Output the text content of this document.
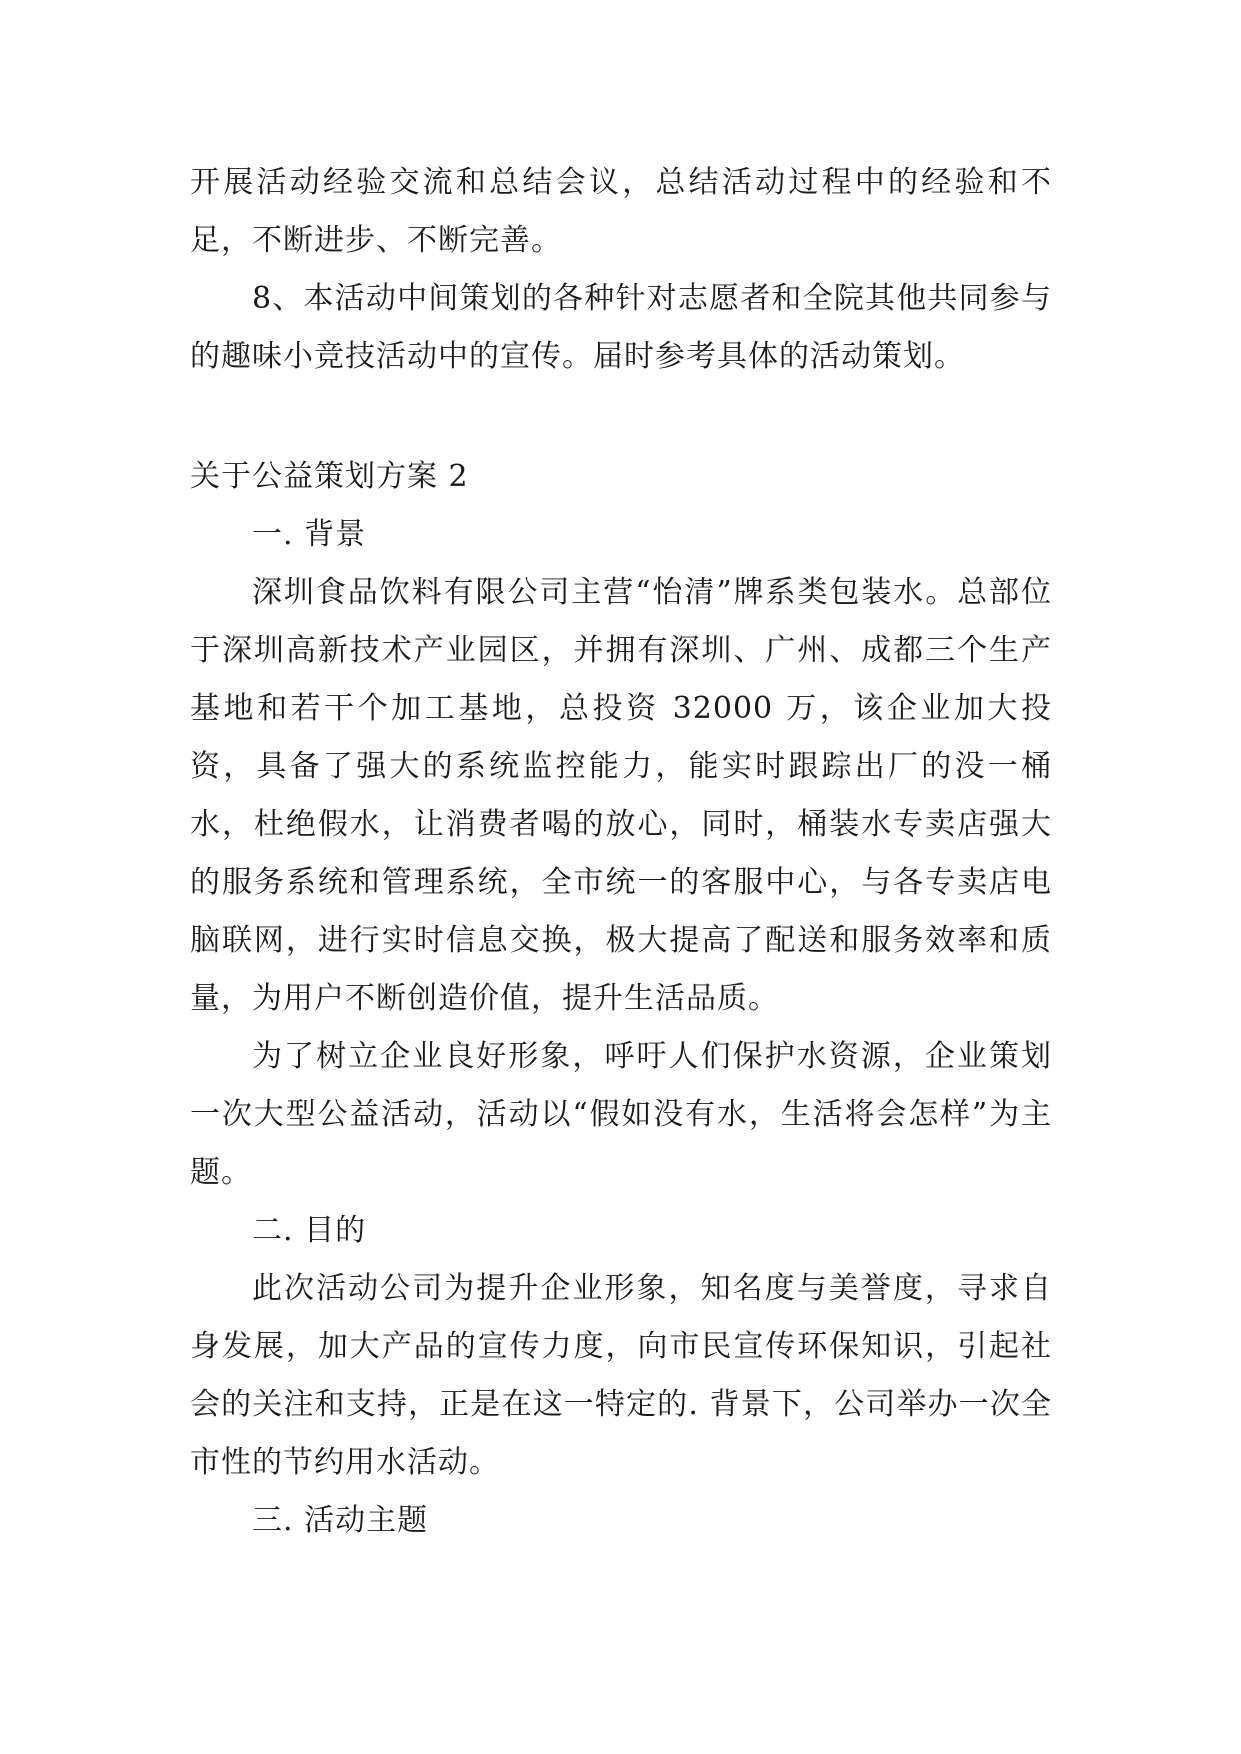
开展活动经验交流和总结会议，总结活动过程中的经验和不足，不断进步、不断完善。

8、本活动中间策划的各种针对志愿者和全院其他共同参与的趣味小竞技活动中的宣传。届时参考具体的活动策划。

关于公益策划方案 2

一. 背景

深圳食品饮料有限公司主营“怡清”牌系类包装水。总部位于深圳高新技术产业园区，并拥有深圳、广州、成都三个生产基地和若干个加工基地，总投资 32000 万，该企业加大投资，具备了强大的系统监控能力，能实时跟踪出厂的没一桶水，杜绝假水，让消费者喝的放心，同时，桶装水专卖店强大的服务系统和管理系统，全市统一的客服中心，与各专卖店电脑联网，进行实时信息交换，极大提高了配送和服务效率和质量，为用户不断创造价值，提升生活品质。

为了树立企业良好形象，呼吁人们保护水资源，企业策划一次大型公益活动，活动以“假如没有水，生活将会怎样”为主题。

二. 目的

此次活动公司为提升企业形象，知名度与美誉度，寻求自身发展，加大产品的宣传力度，向市民宣传环保知识，引起社会的关注和支持，正是在这一特定的. 背景下，公司举办一次全市性的节约用水活动。

三. 活动主题
